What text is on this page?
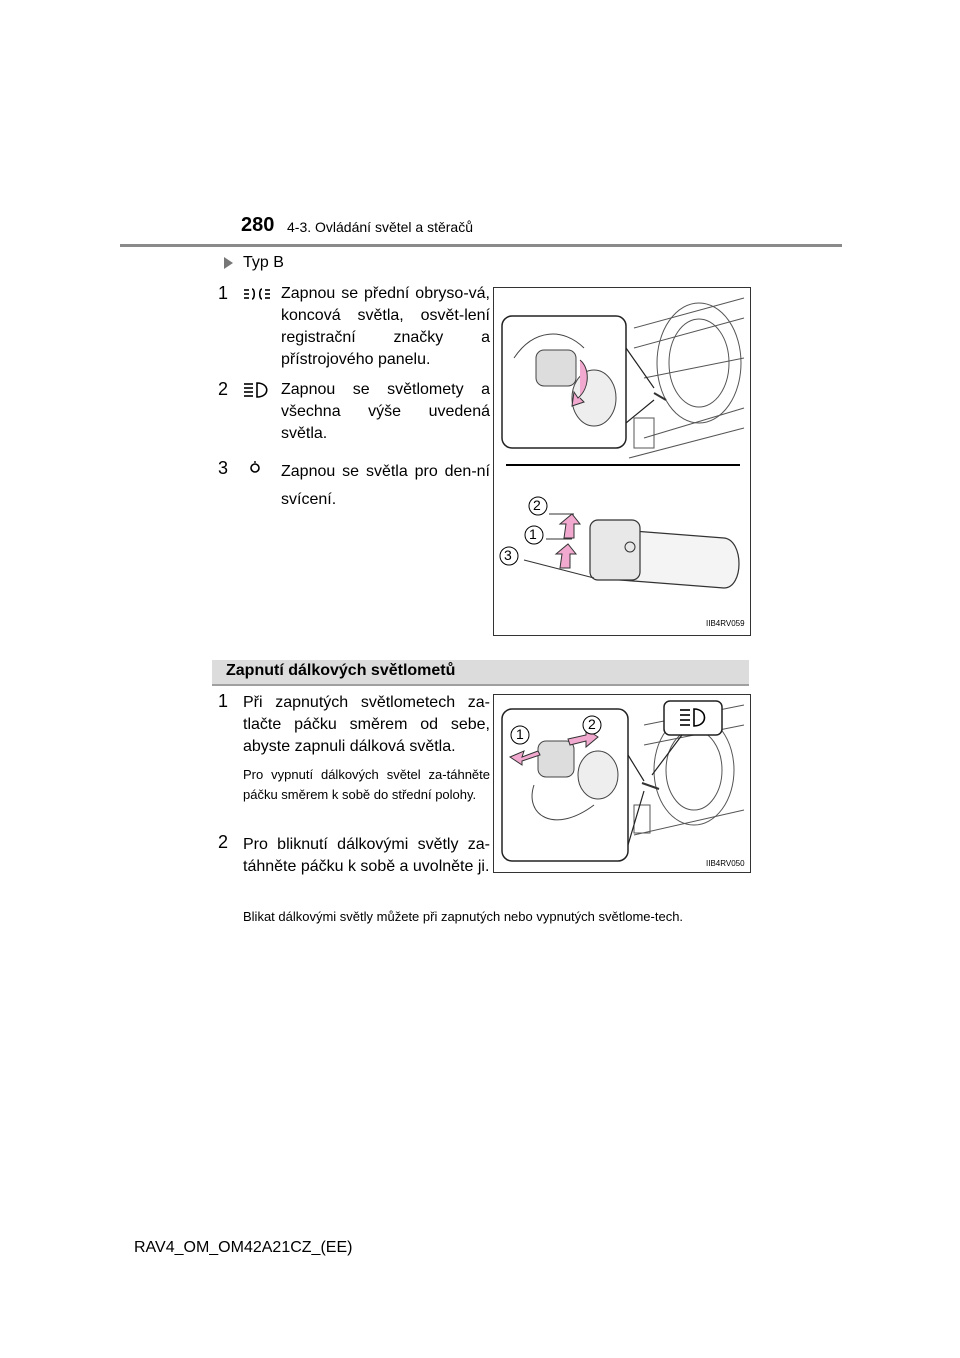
280 4-3. Ovládání světel a stěračů
Typ B
1	Zapnou se přední obryso-vá, koncová světla, osvět-lení registrační značky a přístrojového panelu.
2	Zapnou se světlomety a všechna výše uvedená světla.
3	Zapnou se světla pro den-ní svícení.	2
1
3
IIB4RV059
Zapnutí dálkových světlometů
1 Při zapnutých světlometech za-tlačte páčku směrem od sebe, abyste zapnuli dálková světla.
Pro vypnutí dálkových světel za-táhněte páčku směrem k sobě do střední polohy.
2 Pro bliknutí dálkovými světly za-táhněte páčku k sobě a uvolněte ji.
Blikat dálkovými světly můžete při zapnutých nebo vypnutých světlome-tech.
1
2
IIB4RV050
RAV4_OM_OM42A21CZ_(EE)
